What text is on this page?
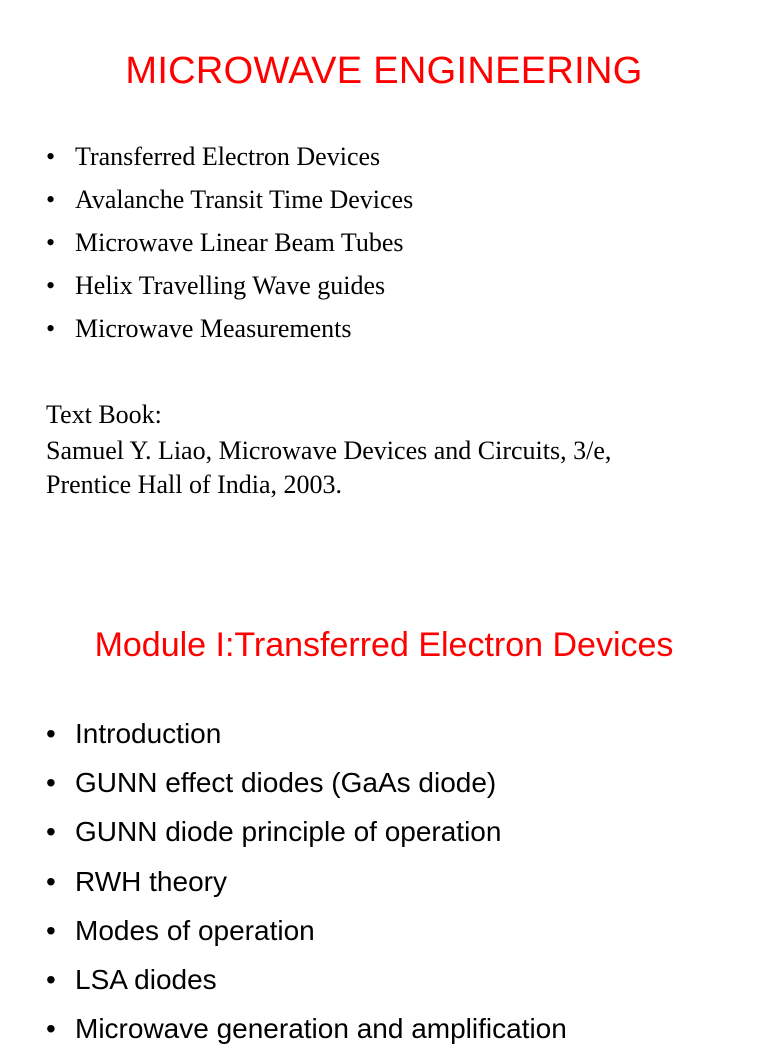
MICROWAVE ENGINEERING
• Transferred Electron Devices
• Avalanche Transit Time Devices
• Microwave Linear Beam Tubes
• Helix Travelling Wave guides
• Microwave Measurements

Text Book:

Samuel Y. Liao, Microwave Devices and Circuits, 3/e,

Prentice Hall of India, 2003.

Module I:Transferred Electron Devices
• Introduction
• GUNN effect diodes (GaAs diode)
• GUNN diode principle of operation
• RWH theory
• Modes of operation
• LSA diodes
• Microwave generation and amplification
